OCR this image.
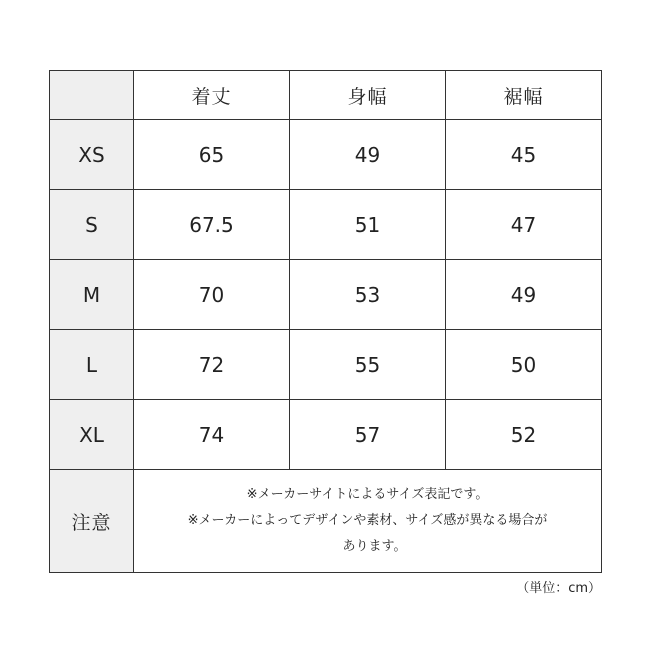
	着丈	身幅	裾幅
XS	65	49	45
S	67.5	51	47
M	70	53	49
L	72	55	50
XL	74	57	52
注意	※メーカーサイトによるサイズ表記です。
※メーカーによってデザインや素材、サイズ感が異なる場合が
あります。		
（単位：cm）
